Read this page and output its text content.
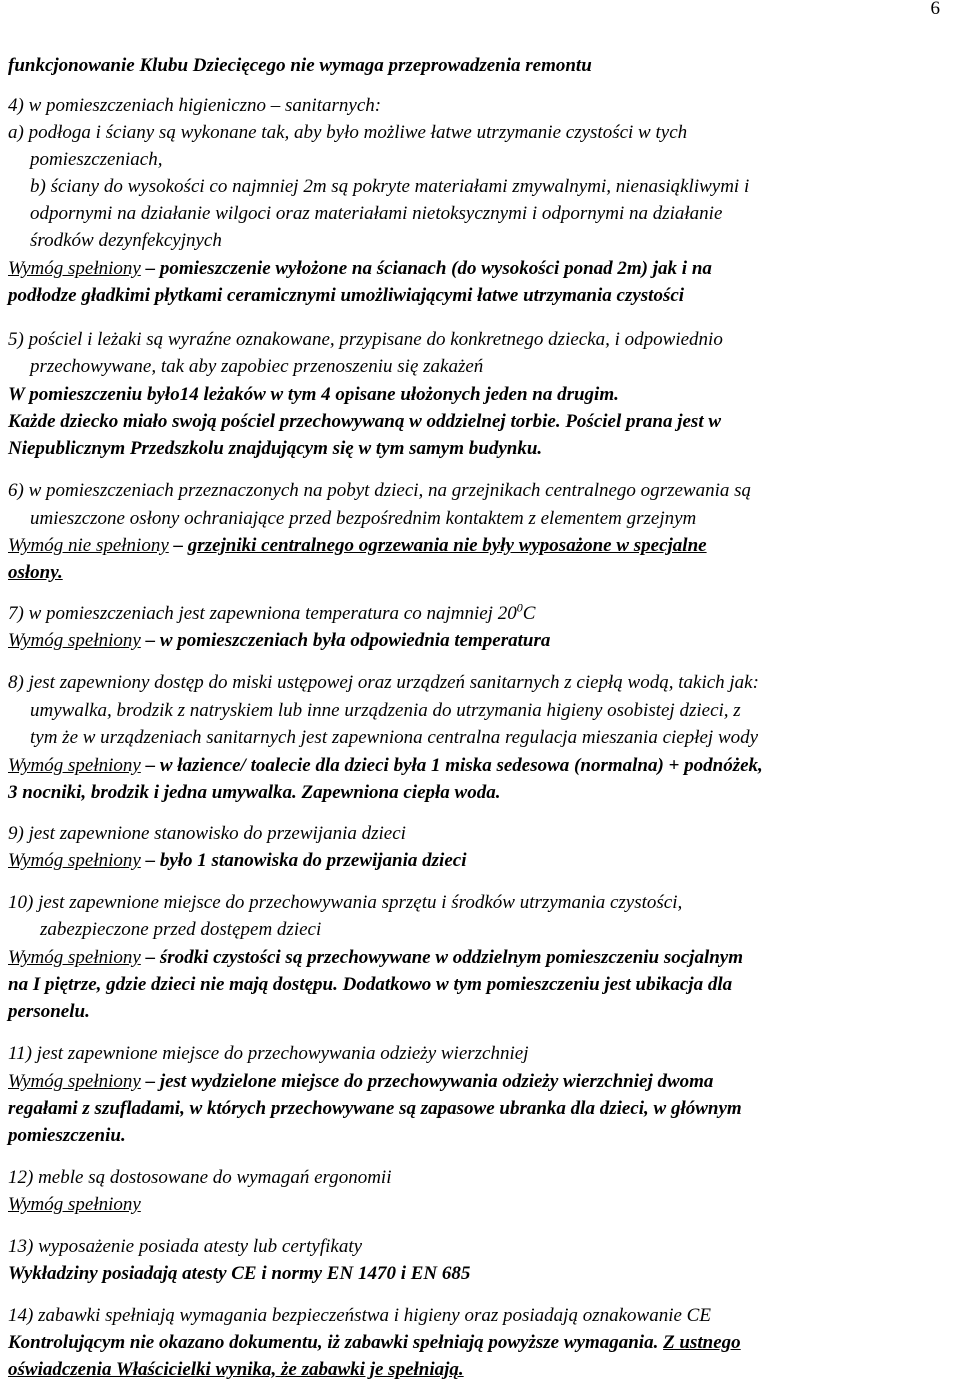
6
funkcjonowanie Klubu Dziecięcego nie wymaga przeprowadzenia remontu
4) w pomieszczeniach higieniczno – sanitarnych:
a) podłoga i ściany są wykonane tak, aby było możliwe łatwe utrzymanie czystości w tych
pomieszczeniach,
b) ściany do wysokości co najmniej 2m są pokryte materiałami zmywalnymi, nienasiąkliwymi i
odpornymi na działanie wilgoci oraz materiałami nietoksycznymi i odpornymi na działanie
środków dezynfekcyjnych
Wymóg spełniony – pomieszczenie wyłożone na ścianach (do wysokości ponad 2m) jak i na
podłodze gładkimi płytkami ceramicznymi umożliwiającymi łatwe utrzymania czystości
5) pościel i leżaki są wyraźne oznakowane, przypisane do konkretnego dziecka, i odpowiednio
przechowywane, tak aby zapobiec przenoszeniu się zakażeń
W pomieszczeniu było14 leżaków w tym 4 opisane ułożonych jeden na drugim.
Każde dziecko miało swoją pościel przechowywaną w oddzielnej torbie. Pościel prana jest w
Niepublicznym Przedszkolu znajdującym się w tym samym budynku.
6) w pomieszczeniach przeznaczonych na pobyt dzieci, na grzejnikach centralnego ogrzewania są
umieszczone osłony ochraniające przed bezpośrednim kontaktem z elementem grzejnym
Wymóg nie spełniony – grzejniki centralnego ogrzewania nie były wyposażone w specjalne
osłony.
7) w pomieszczeniach jest zapewniona temperatura co najmniej $20^0C$
Wymóg spełniony – w pomieszczeniach była odpowiednia temperatura
8) jest zapewniony dostęp do miski ustępowej oraz urządzeń sanitarnych z ciepłą wodą, takich jak:
umywalka, brodzik z natryskiem lub inne urządzenia do utrzymania higieny osobistej dzieci, z
tym że w urządzeniach sanitarnych jest zapewniona centralna regulacja mieszania ciepłej wody
Wymóg spełniony – w łazience/ toalecie dla dzieci była 1 miska sedesowa (normalna) + podnóżek,
3 nocniki, brodzik i jedna umywalka. Zapewniona ciepła woda.
9) jest zapewnione stanowisko do przewijania dzieci
Wymóg spełniony – było 1 stanowiska do przewijania dzieci
10) jest zapewnione miejsce do przechowywania sprzętu i środków utrzymania czystości,
zabezpieczone przed dostępem dzieci
Wymóg spełniony – środki czystości są przechowywane w oddzielnym pomieszczeniu socjalnym
na I piętrze, gdzie dzieci nie mają dostępu. Dodatkowo w tym pomieszczeniu jest ubikacja dla
personelu.
11) jest zapewnione miejsce do przechowywania odzieży wierzchniej
Wymóg spełniony – jest wydzielone miejsce do przechowywania odzieży wierzchniej dwoma
regałami z szufladami, w których przechowywane są zapasowe ubranka dla dzieci, w głównym
pomieszczeniu.
12) meble są dostosowane do wymagań ergonomii
Wymóg spełniony
13) wyposażenie posiada atesty lub certyfikaty
Wykładziny posiadają atesty CE i normy EN 1470 i EN 685
14) zabawki spełniają wymagania bezpieczeństwa i higieny oraz posiadają oznakowanie CE
Kontrolującym nie okazano dokumentu, iż zabawki spełniają powyższe wymagania. Z ustnego
oświadczenia Właścicielki wynika, że zabawki je spełniają.
